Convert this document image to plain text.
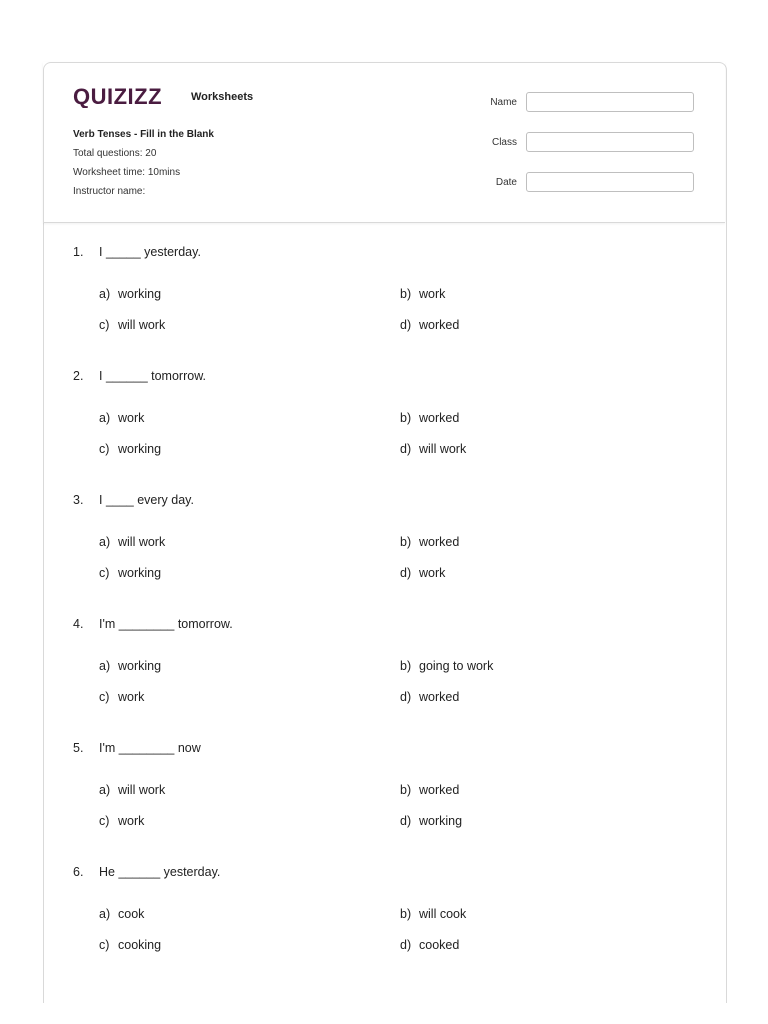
QUIZIZZ	Worksheets
Verb Tenses - Fill in the Blank
Total questions: 20
Worksheet time: 10mins
Instructor name:
Name
Class
Date
1.	I _____ yesterday.
a) working	b) work
c) will work	d) worked
2.	I ______ tomorrow.
a) work	b) worked
c) working	d) will work
3.	I ____ every day.
a) will work	b) worked
c) working	d) work
4.	I'm ________ tomorrow.
a) working	b) going to work
c) work	d) worked
5.	I'm ________ now
a) will work	b) worked
c) work	d) working
6.	He ______ yesterday.
a) cook	b) will cook
c) cooking	d) cooked
